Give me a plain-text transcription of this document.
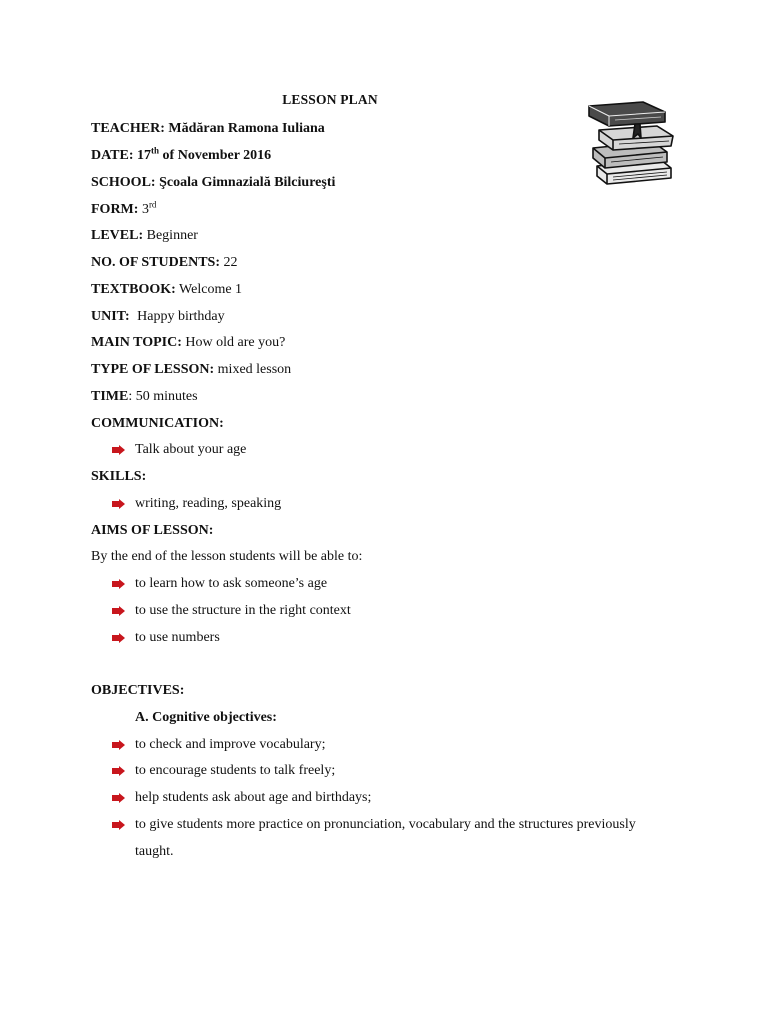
LESSON PLAN
TEACHER: Mădăran Ramona Iuliana
DATE: 17th of November 2016
SCHOOL: Şcoala Gimnazială Bilciureşti
FORM: 3rd
LEVEL: Beginner
NO. OF STUDENTS: 22
TEXTBOOK: Welcome 1
UNIT: Happy birthday
MAIN TOPIC: How old are you?
TYPE OF LESSON: mixed lesson
TIME: 50 minutes
COMMUNICATION:
Talk about your age
SKILLS:
writing, reading, speaking
AIMS OF LESSON:
By the end of the lesson students will be able to:
to learn how to ask someone’s age
to use the structure in the right context
to use numbers
OBJECTIVES:
A. Cognitive objectives:
to check and improve vocabulary;
to encourage students to talk freely;
help students ask about age and birthdays;
to give students more practice on pronunciation, vocabulary and the structures previously
taught.
